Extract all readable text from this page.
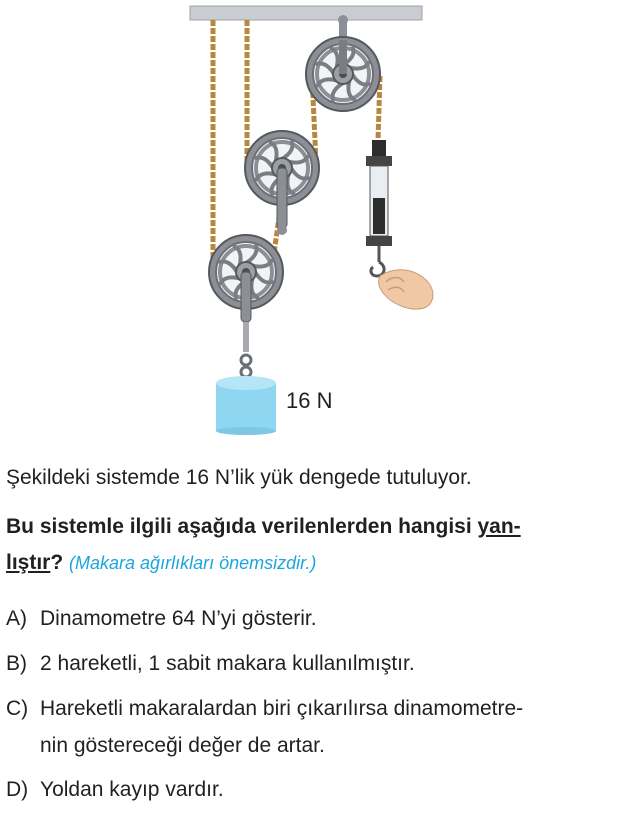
16 N
Şekildeki sistemde 16 N’lik yük dengede tutuluyor.
Bu sistemle ilgili aşağıda verilenlerden hangisi yan-
lıştır? (Makara ağırlıkları önemsizdir.)
A) Dinamometre 64 N’yi gösterir.
B) 2 hareketli, 1 sabit makara kullanılmıştır.
C) Hareketli makaralardan biri çıkarılırsa dinamometre-
nin göstereceği değer de artar.
D) Yoldan kayıp vardır.
